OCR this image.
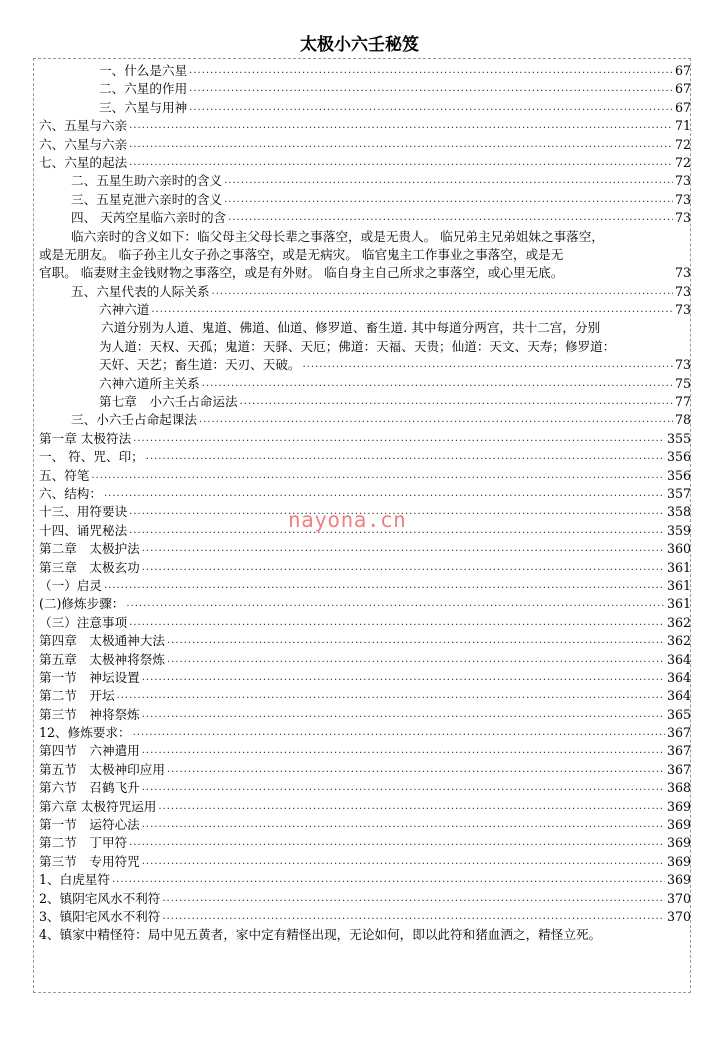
太极小六壬秘笈
一、什么是六星 .....	67
二、六星的作用 .....	67
三、六星与用神 .....	67
六、五星与六亲 .....	71
六、六星与六亲 .....	72
七、六星的起法 .....	72
二、五星生助六亲时的含义 .....	73
三、五星克泄六亲时的含义 .....	73
四、 天芮空星临六亲时的含 .....	73
临六亲时的含义如下：临父母主父母长辈之事落空，或是无贵人。 临兄弟主兄弟姐妹之事落空，
或是无朋友。 临子孙主儿女子孙之事落空，或是无病灾。 临官鬼主工作事业之事落空，或是无
官职。 临妻财主金钱财物之事落空，或是有外财。 临自身主自己所求之事落空，或心里无底。	73
五、六星代表的人际关系 .....	73
六神六道 .....	73
六道分别为人道、鬼道、佛道、仙道、修罗道、畜生道. 其中每道分两宫，共十二宫，分别
为人道：天权、天孤；鬼道：天驿、天厄；佛道：天福、天贵；仙道：天文、天寿；修罗道：
天奸、天艺；畜生道：天刃、天破。 .....	73
六神六道所主关系 .....	75
第七章　小六壬占命运法 .....	77
三、小六壬占命起课法 .....	78
第一章 太极符法 .....	355
一、 符、咒、印； .....	356
五、符笔 .....	356
六、结构： .....	357
十三、用符要诀 .....	358
十四、诵咒秘法 .....	359
第二章　太极护法 .....	360
第三章　太极玄功 .....	361
（一）启灵 .....	361
(二)修炼步骤： .....	361
（三）注意事项 .....	362
第四章　太极通神大法 .....	362
第五章　太极神将祭炼 .....	364
第一节　神坛设置 .....	364
第二节　开坛 .....	364
第三节　神将祭炼 .....	365
12、修炼要求： .....	367
第四节　六神遣用 .....	367
第五节　太极神印应用 .....	367
第六节　召鹤飞升 .....	368
第六章 太极符咒运用 .....	369
第一节　运符心法 .....	369
第二节　丁甲符 .....	369
第三节　专用符咒 .....	369
1、白虎星符 .....	369
2、镇阴宅风水不利符 .....	370
3、镇阳宅风水不利符 .....	370
4、镇家中精怪符：局中见五黄者，家中定有精怪出现，无论如何，即以此符和猪血洒之，精怪立死。
nayona.cn
